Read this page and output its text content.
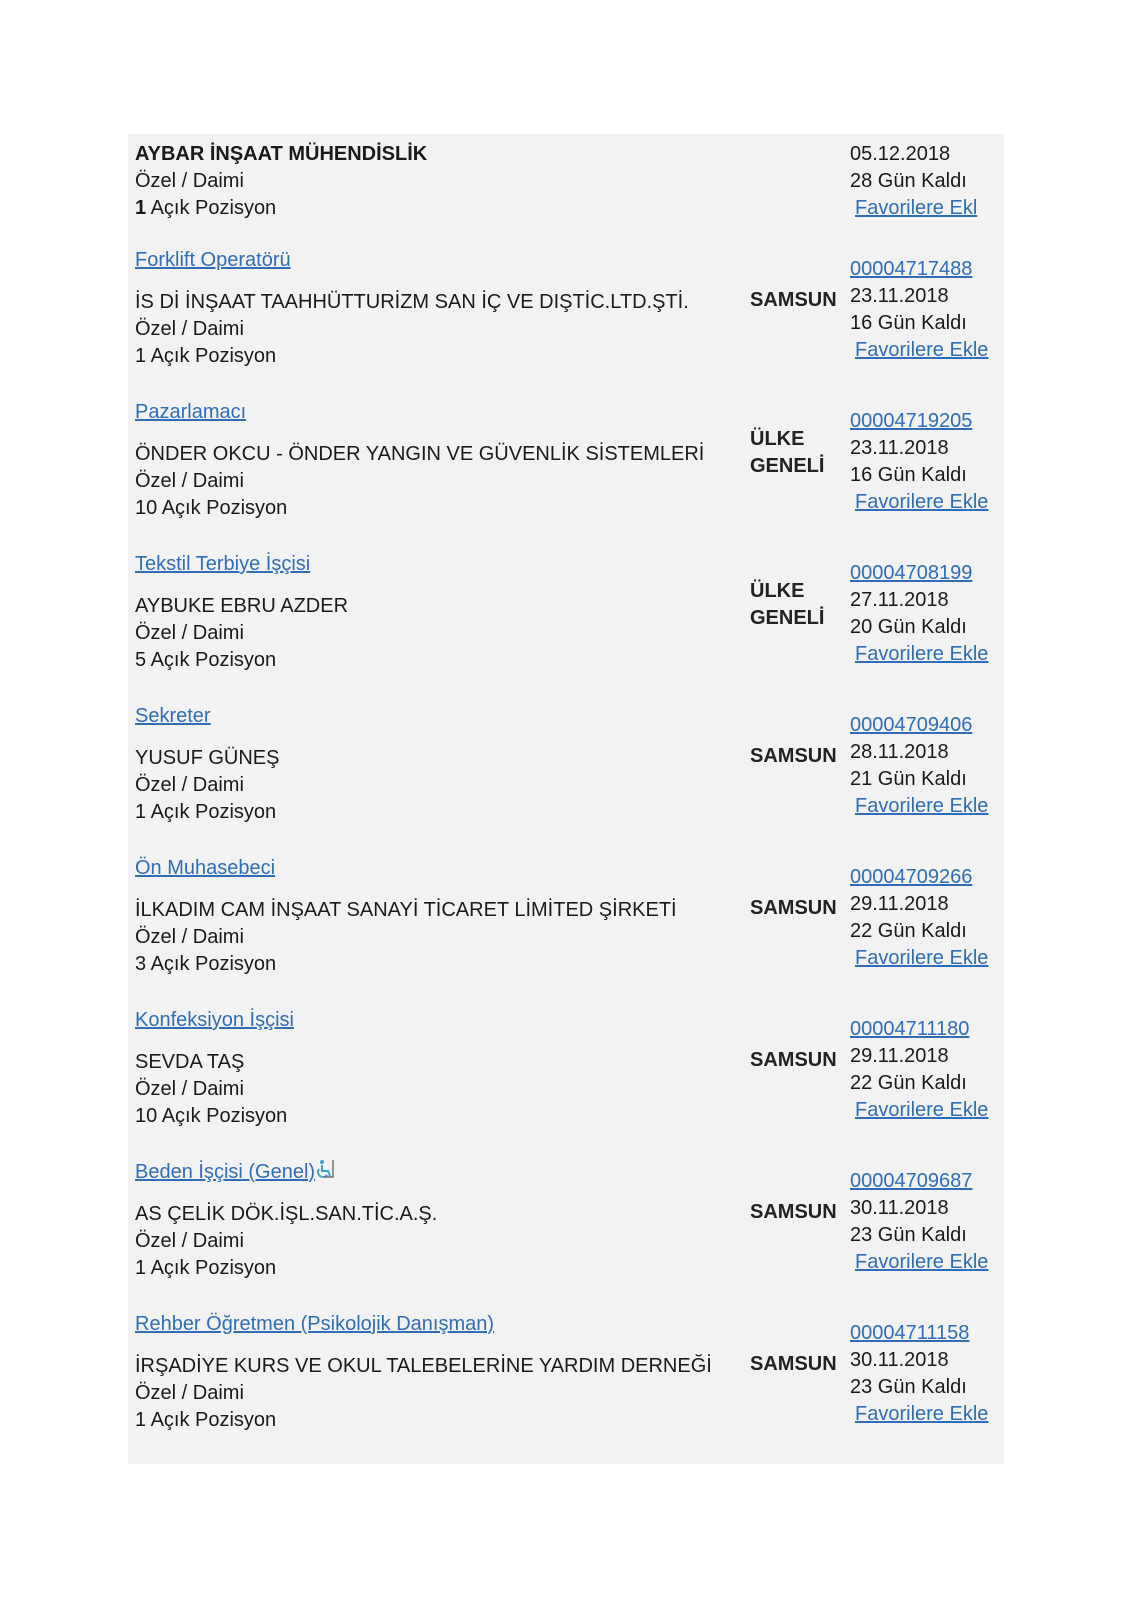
AYBAR İNŞAAT MÜHENDİSLİK
Özel / Daimi
1 Açık Pozisyon
05.12.2018
28 Gün Kaldı
Favorilere Ekl
Forklift Operatörü
İS Dİ İNŞAAT TAAHHÜTTURİZM SAN İÇ VE DIŞTİC.LTD.ŞTİ.
Özel / Daimi
1 Açık Pozisyon
SAMSUN
00004717488
23.11.2018
16 Gün Kaldı
Favorilere Ekle
Pazarlamacı
ÖNDER OKCU - ÖNDER YANGIN VE GÜVENLİK SİSTEMLERİ
Özel / Daimi
10 Açık Pozisyon
ÜLKE
GENELİ
00004719205
23.11.2018
16 Gün Kaldı
Favorilere Ekle
Tekstil Terbiye İşçisi
AYBUKE EBRU AZDER
Özel / Daimi
5 Açık Pozisyon
ÜLKE
GENELİ
00004708199
27.11.2018
20 Gün Kaldı
Favorilere Ekle
Sekreter
YUSUF GÜNEŞ
Özel / Daimi
1 Açık Pozisyon
SAMSUN
00004709406
28.11.2018
21 Gün Kaldı
Favorilere Ekle
Ön Muhasebeci
İLKADIM CAM İNŞAAT SANAYİ TİCARET LİMİTED ŞİRKETİ
Özel / Daimi
3 Açık Pozisyon
SAMSUN
00004709266
29.11.2018
22 Gün Kaldı
Favorilere Ekle
Konfeksiyon İşçisi
SEVDA TAŞ
Özel / Daimi
10 Açık Pozisyon
SAMSUN
00004711180
29.11.2018
22 Gün Kaldı
Favorilere Ekle
Beden İşçisi (Genel)
AS ÇELİK DÖK.İŞL.SAN.TİC.A.Ş.
Özel / Daimi
1 Açık Pozisyon
SAMSUN
00004709687
30.11.2018
23 Gün Kaldı
Favorilere Ekle
Rehber Öğretmen (Psikolojik Danışman)
İRŞADİYE KURS VE OKUL TALEBELERİNE YARDIM DERNEĞİ
Özel / Daimi
1 Açık Pozisyon
SAMSUN
00004711158
30.11.2018
23 Gün Kaldı
Favorilere Ekle
